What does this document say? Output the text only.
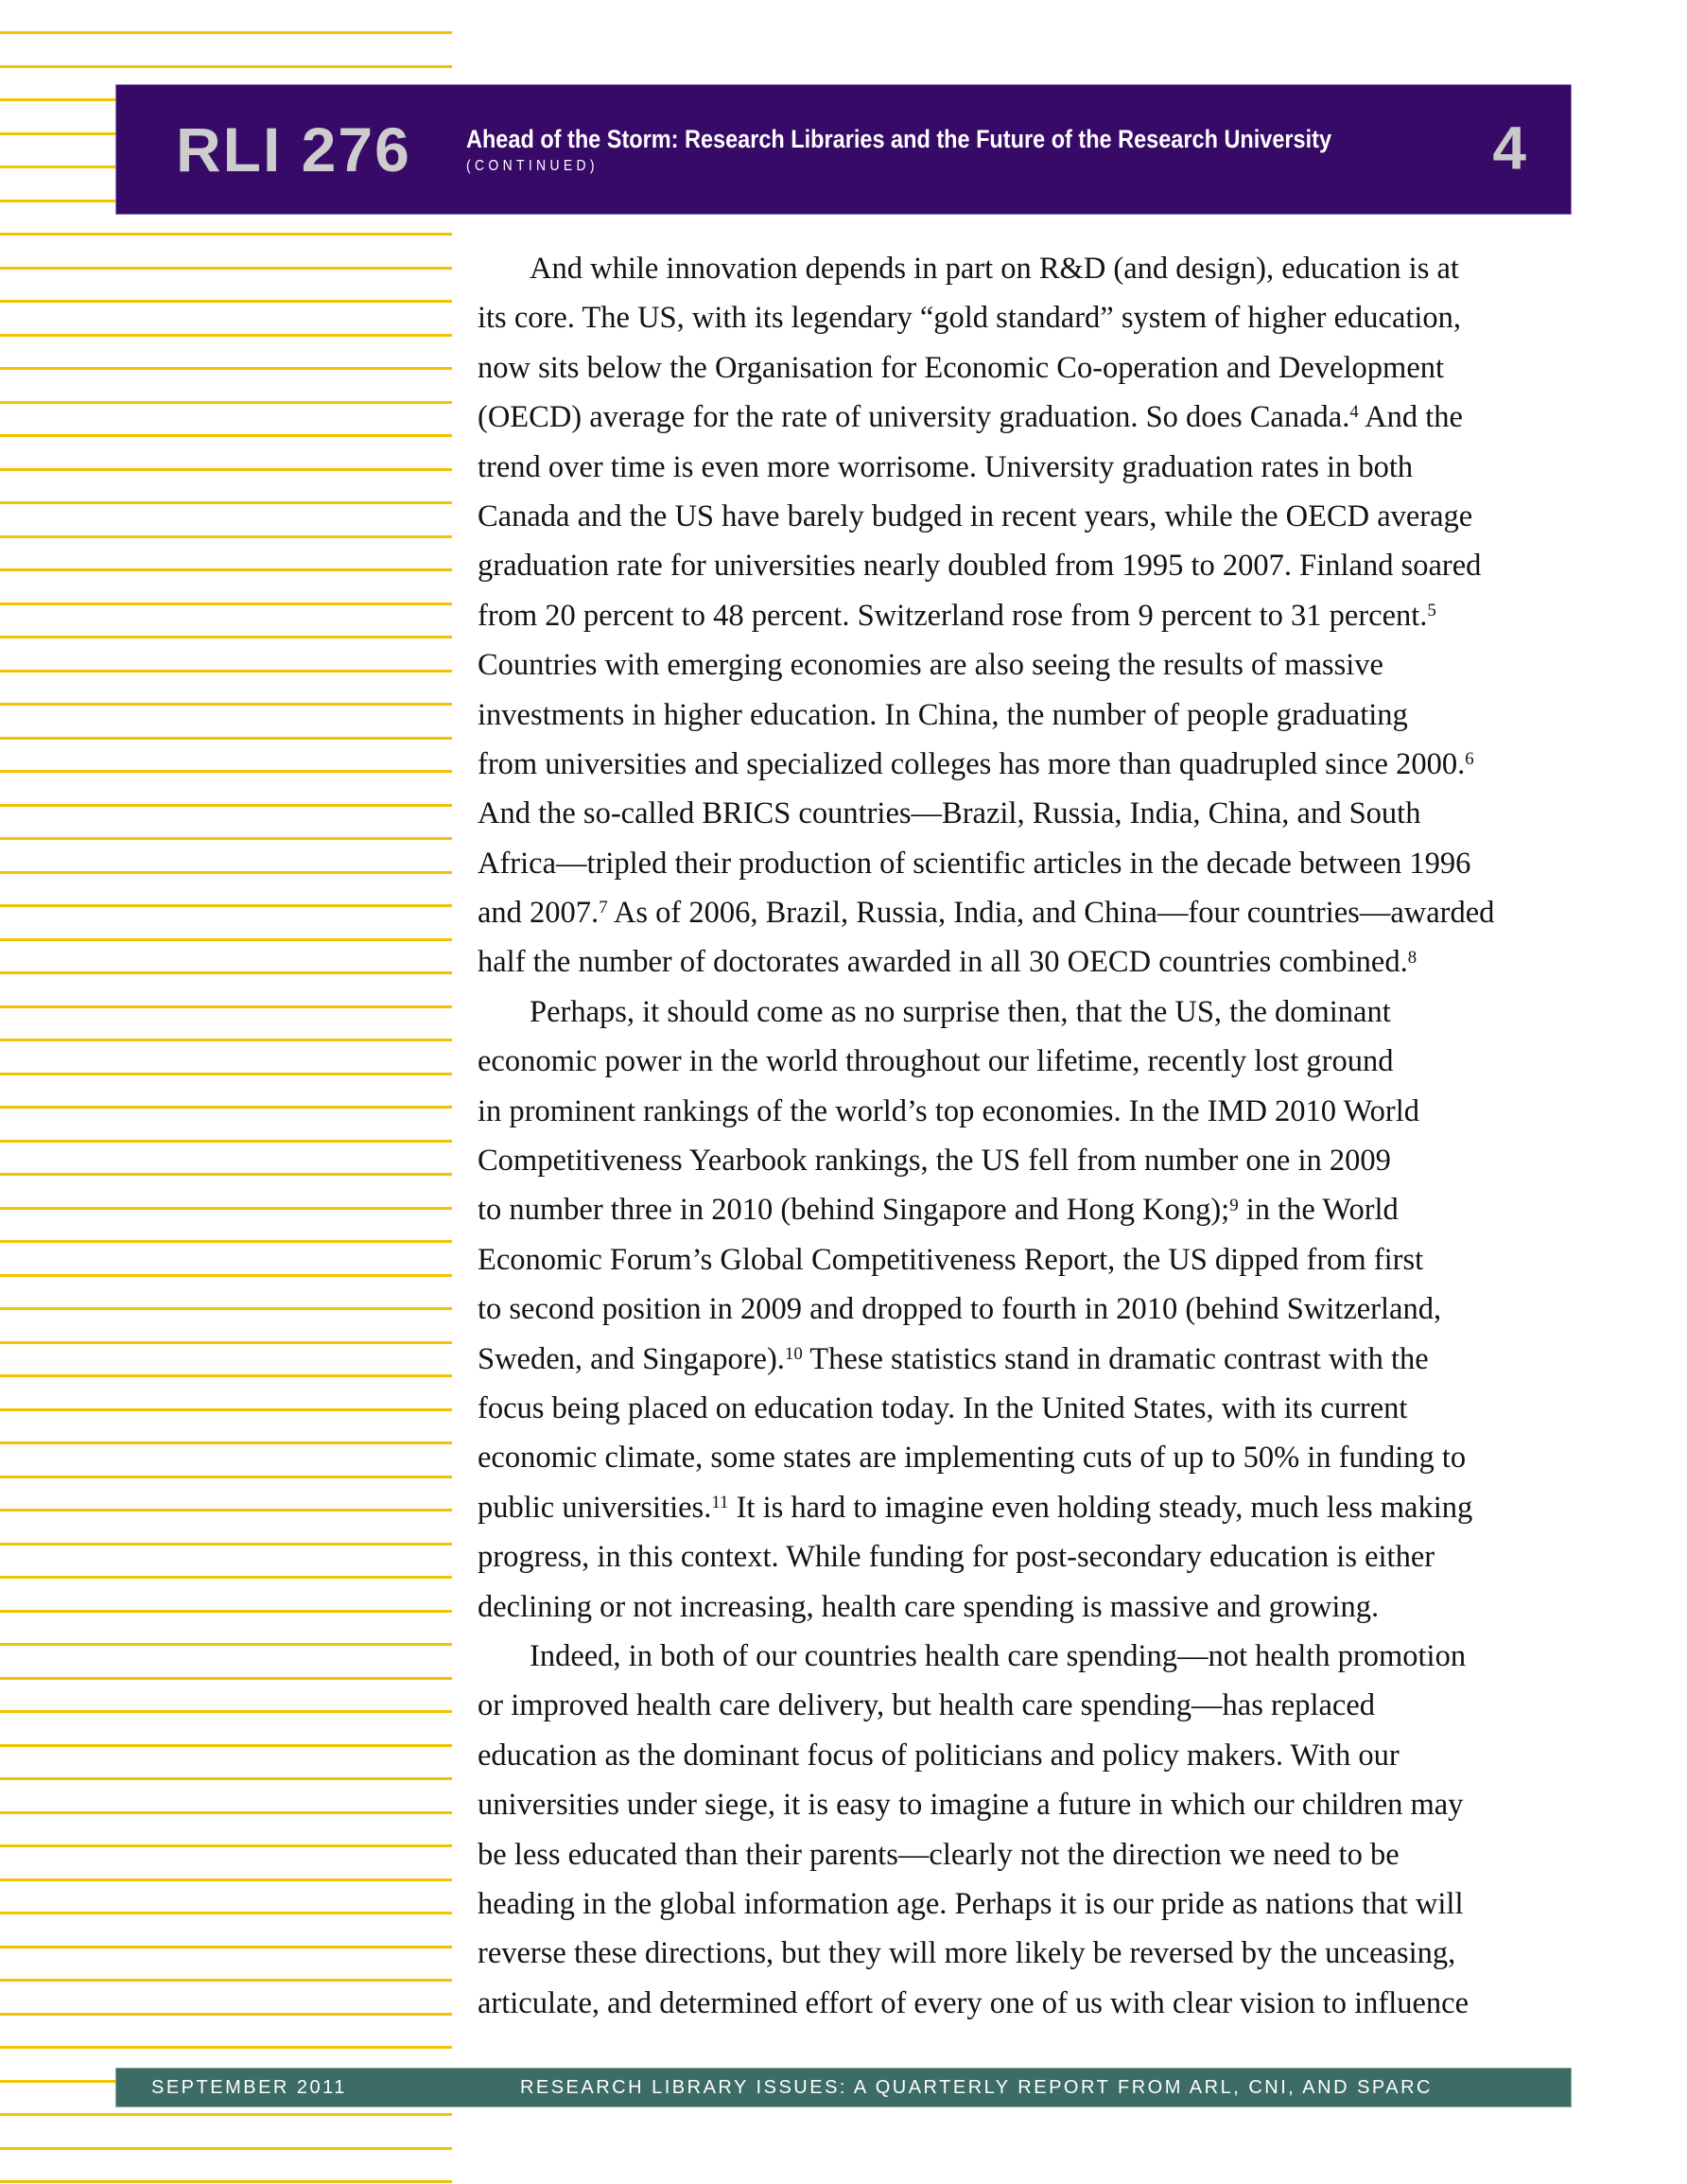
RLI 276 Ahead of the Storm: Research Libraries and the Future of the Research University
(CONTINUED)	4
And while innovation depends in part on R&D (and design), education is at
its core. The US, with its legendary “gold standard” system of higher education,
now sits below the Organisation for Economic Co-operation and Development
(OECD) average for the rate of university graduation. So does Canada.$^4$ And the
trend over time is even more worrisome. University graduation rates in both
Canada and the US have barely budged in recent years, while the OECD average
graduation rate for universities nearly doubled from 1995 to 2007. Finland soared
from 20 percent to 48 percent. Switzerland rose from 9 percent to 31 percent.$^5$
Countries with emerging economies are also seeing the results of massive
investments in higher education. In China, the number of people graduating
from universities and specialized colleges has more than quadrupled since 2000.$^6$
And the so-called BRICS countries—Brazil, Russia, India, China, and South
Africa—tripled their production of scientific articles in the decade between 1996
and 2007.$^7$ As of 2006, Brazil, Russia, India, and China—four countries—awarded
half the number of doctorates awarded in all 30 OECD countries combined.$^8$
Perhaps, it should come as no surprise then, that the US, the dominant
economic power in the world throughout our lifetime, recently lost ground
in prominent rankings of the world’s top economies. In the IMD 2010 World
Competitiveness Yearbook rankings, the US fell from number one in 2009
to number three in 2010 (behind Singapore and Hong Kong);$^9$ in the World
Economic Forum’s Global Competitiveness Report, the US dipped from first
to second position in 2009 and dropped to fourth in 2010 (behind Switzerland,
Sweden, and Singapore).$^{10}$ These statistics stand in dramatic contrast with the
focus being placed on education today. In the United States, with its current
economic climate, some states are implementing cuts of up to 50% in funding to
public universities.$^{11}$ It is hard to imagine even holding steady, much less making
progress, in this context. While funding for post-secondary education is either
declining or not increasing, health care spending is massive and growing.
Indeed, in both of our countries health care spending—not health promotion
or improved health care delivery, but health care spending—has replaced
education as the dominant focus of politicians and policy makers. With our
universities under siege, it is easy to imagine a future in which our children may
be less educated than their parents—clearly not the direction we need to be
heading in the global information age. Perhaps it is our pride as nations that will
reverse these directions, but they will more likely be reversed by the unceasing,
articulate, and determined effort of every one of us with clear vision to influence
SEPTEMBER 2011	RESEARCH LIBRARY ISSUES: A QUARTERLY REPORT FROM ARL, CNI, AND SPARC
